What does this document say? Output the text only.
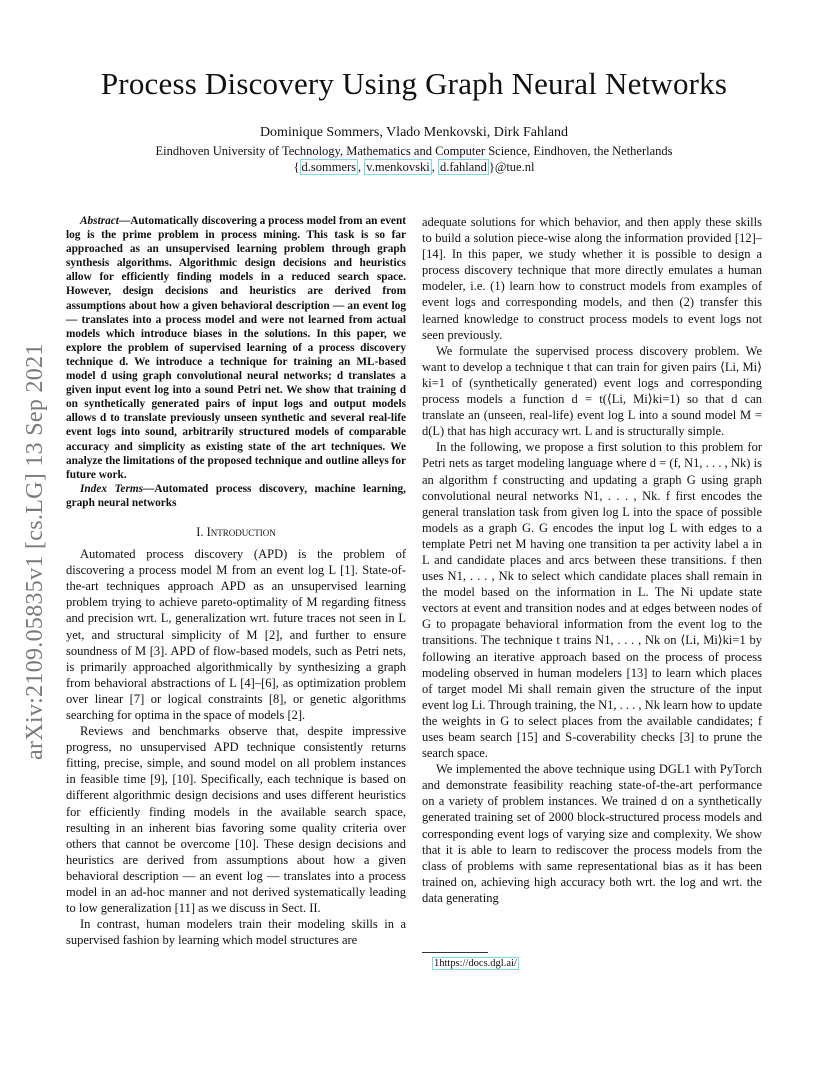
arXiv:2109.05835v1 [cs.LG] 13 Sep 2021
Process Discovery Using Graph Neural Networks
Dominique Sommers, Vlado Menkovski, Dirk Fahland
Eindhoven University of Technology, Mathematics and Computer Science, Eindhoven, the Netherlands
{ d.sommers , v.menkovski , d.fahland }@tue.nl

Abstract—Automatically discovering a process model from an event log is the prime problem in process mining. This task is so far approached as an unsupervised learning problem through graph synthesis algorithms. Algorithmic design decisions and heuristics allow for efficiently finding models in a reduced search space. However, design decisions and heuristics are derived from assumptions about how a given behavioral description — an event log — translates into a process model and were not learned from actual models which introduce biases in the solutions. In this paper, we explore the problem of supervised learning of a process discovery technique d. We introduce a technique for training an ML-based model d using graph convolutional neural networks; d translates a given input event log into a sound Petri net. We show that training d on synthetically generated pairs of input logs and output models allows d to translate previously unseen synthetic and several real-life event logs into sound, arbitrarily structured models of comparable accuracy and simplicity as existing state of the art techniques. We analyze the limitations of the proposed technique and outline alleys for future work.

Index Terms—Automated process discovery, machine learning, graph neural networks

I. Introduction

Automated process discovery (APD) is the problem of discovering a process model M from an event log L [1]. State-of-the-art techniques approach APD as an unsupervised learning problem trying to achieve pareto-optimality of M regarding fitness and precision wrt. L, generalization wrt. future traces not seen in L yet, and structural simplicity of M [2], and further to ensure soundness of M [3]. APD of flow-based models, such as Petri nets, is primarily approached algorithmically by synthesizing a graph from behavioral abstractions of L [4]–[6], as optimization problem over linear [7] or logical constraints [8], or genetic algorithms searching for optima in the space of models [2].

Reviews and benchmarks observe that, despite impressive progress, no unsupervised APD technique consistently returns fitting, precise, simple, and sound model on all problem instances in feasible time [9], [10]. Specifically, each technique is based on different algorithmic design decisions and uses different heuristics for efficiently finding models in the available search space, resulting in an inherent bias favoring some quality criteria over others that cannot be overcome [10]. These design decisions and heuristics are derived from assumptions about how a given behavioral description — an event log — translates into a process model in an ad-hoc manner and not derived systematically leading to low generalization [11] as we discuss in Sect. II.

In contrast, human modelers train their modeling skills in a supervised fashion by learning which model structures are

adequate solutions for which behavior, and then apply these skills to build a solution piece-wise along the information provided [12]–[14]. In this paper, we study whether it is possible to design a process discovery technique that more directly emulates a human modeler, i.e. (1) learn how to construct models from examples of event logs and corresponding models, and then (2) transfer this learned knowledge to construct process models to event logs not seen previously.

We formulate the supervised process discovery problem. We want to develop a technique t that can train for given pairs ⟨Li, Mi⟩ki=1 of (synthetically generated) event logs and corresponding process models a function d = t(⟨Li, Mi⟩ki=1) so that d can translate an (unseen, real-life) event log L into a sound model M = d(L) that has high accuracy wrt. L and is structurally simple.

In the following, we propose a first solution to this problem for Petri nets as target modeling language where d = (f, N1, . . . , Nk) is an algorithm f constructing and updating a graph G using graph convolutional neural networks N1, . . . , Nk. f first encodes the general translation task from given log L into the space of possible models as a graph G. G encodes the input log L with edges to a template Petri net M having one transition ta per activity label a in L and candidate places and arcs between these transitions. f then uses N1, . . . , Nk to select which candidate places shall remain in the model based on the information in L. The Ni update state vectors at event and transition nodes and at edges between nodes of G to propagate behavioral information from the event log to the transitions. The technique t trains N1, . . . , Nk on ⟨Li, Mi⟩ki=1 by following an iterative approach based on the process of process modeling observed in human modelers [13] to learn which places of target model Mi shall remain given the structure of the input event log Li. Through training, the N1, . . . , Nk learn how to update the weights in G to select places from the available candidates; f uses beam search [15] and S-coverability checks [3] to prune the search space.

We implemented the above technique using DGL1 with PyTorch and demonstrate feasibility reaching state-of-the-art performance on a variety of problem instances. We trained d on a synthetically generated training set of 2000 block-structured process models and corresponding event logs of varying size and complexity. We show that it is able to learn to rediscover the process models from the class of problems with same representational bias as it has been trained on, achieving high accuracy both wrt. the log and wrt. the data generating

1https://docs.dgl.ai/
